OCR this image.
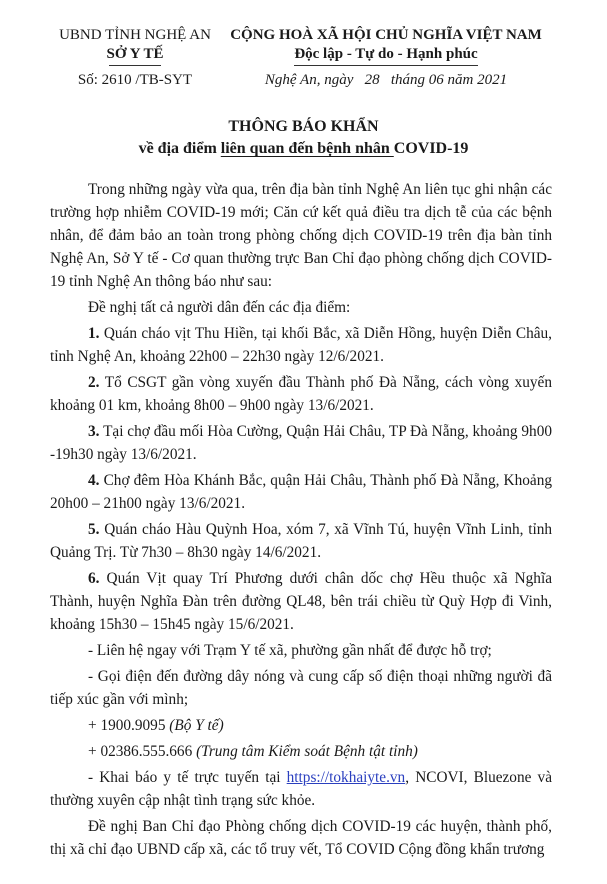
UBND TỈNH NGHỆ AN
SỞ Y TẾ
Số: 2610 /TB-SYT
CỘNG HOÀ XÃ HỘI CHỦ NGHĨA VIỆT NAM
Độc lập - Tự do - Hạnh phúc
Nghệ An, ngày   28   tháng 06 năm 2021
THÔNG BÁO KHẨN
về địa điểm liên quan đến bệnh nhân COVID-19

Trong những ngày vừa qua, trên địa bàn tỉnh Nghệ An liên tục ghi nhận các trường hợp nhiễm COVID-19 mới; Căn cứ kết quả điều tra dịch tễ của các bệnh nhân, để đảm bảo an toàn trong phòng chống dịch COVID-19 trên địa bàn tỉnh Nghệ An, Sở Y tế - Cơ quan thường trực Ban Chỉ đạo phòng chống dịch COVID-19 tỉnh Nghệ An thông báo như sau:

Đề nghị tất cả người dân đến các địa điểm:

1. Quán cháo vịt Thu Hiền, tại khối Bắc, xã Diễn Hồng, huyện Diễn Châu, tỉnh Nghệ An, khoảng 22h00 – 22h30 ngày 12/6/2021.

2. Tổ CSGT gần vòng xuyến đầu Thành phố Đà Nẵng, cách vòng xuyến khoảng 01 km, khoảng 8h00 – 9h00 ngày 13/6/2021.

3. Tại chợ đầu mối Hòa Cường, Quận Hải Châu, TP Đà Nẵng, khoảng 9h00 -19h30 ngày 13/6/2021.

4. Chợ đêm Hòa Khánh Bắc, quận Hải Châu, Thành phố Đà Nẵng, Khoảng 20h00 – 21h00 ngày 13/6/2021.

5. Quán cháo Hàu Quỳnh Hoa, xóm 7, xã Vĩnh Tú, huyện Vĩnh Linh, tỉnh Quảng Trị. Từ 7h30 – 8h30 ngày 14/6/2021.

6. Quán Vịt quay Trí Phương dưới chân dốc chợ Hều thuộc xã Nghĩa Thành, huyện Nghĩa Đàn trên đường QL48, bên trái chiều từ Quỳ Hợp đi Vinh, khoảng 15h30 – 15h45 ngày 15/6/2021.

- Liên hệ ngay với Trạm Y tế xã, phường gần nhất để được hỗ trợ;

- Gọi điện đến đường dây nóng và cung cấp số điện thoại những người đã tiếp xúc gần với mình;

+ 1900.9095 (Bộ Y tế)

+ 02386.555.666 (Trung tâm Kiểm soát Bệnh tật tỉnh)

- Khai báo y tế trực tuyến tại https://tokhaiyte.vn, NCOVI, Bluezone và thường xuyên cập nhật tình trạng sức khỏe.

Đề nghị Ban Chỉ đạo Phòng chống dịch COVID-19 các huyện, thành phố, thị xã chỉ đạo UBND cấp xã, các tổ truy vết, Tổ COVID Cộng đồng khẩn trương
